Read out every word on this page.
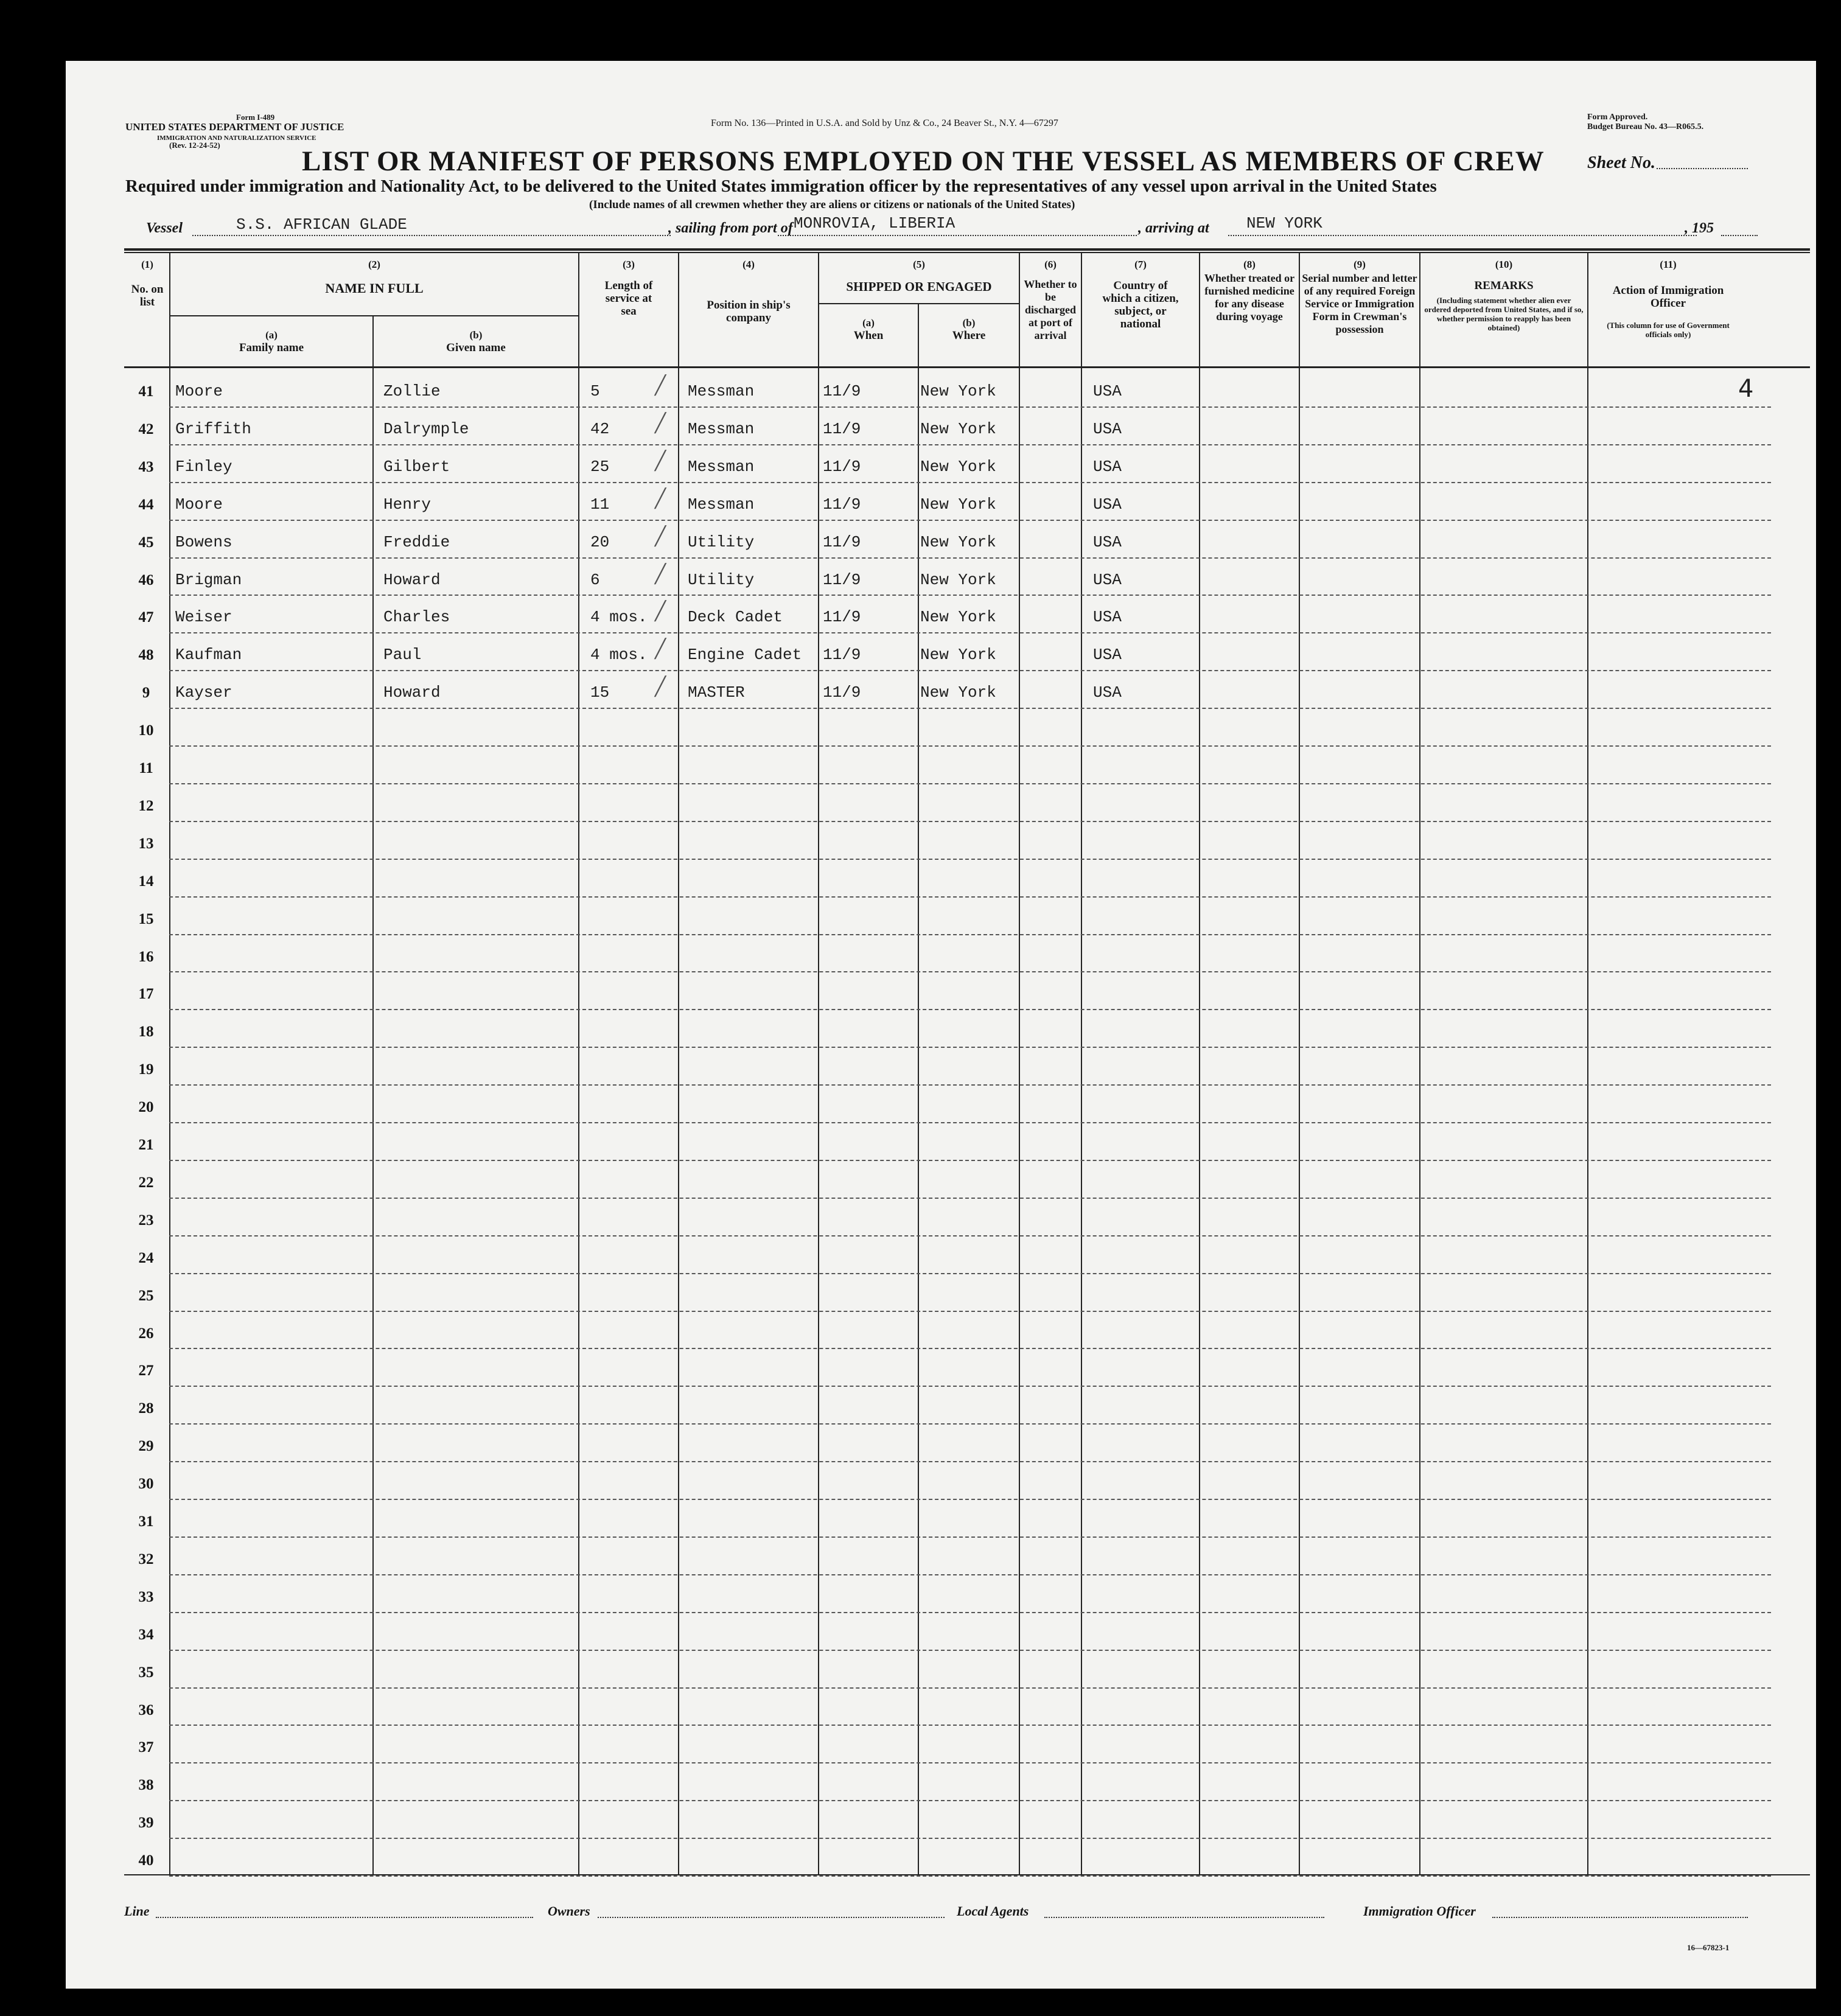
Form I-489
UNITED STATES DEPARTMENT OF JUSTICE
IMMIGRATION AND NATURALIZATION SERVICE
(Rev. 12-24-52)
Form No. 136—Printed in U.S.A. and Sold by Unz & Co., 24 Beaver St., N.Y. 4—67297
Form Approved.
Budget Bureau No. 43—R065.5.
LIST OR MANIFEST OF PERSONS EMPLOYED ON THE VESSEL AS MEMBERS OF CREW	Sheet No.
Required under immigration and Nationality Act, to be delivered to the United States immigration officer by the representatives of any vessel upon arrival in the United States
(Include names of all crewmen whether they are aliens or citizens or nationals of the United States)
Vessel	S.S. AFRICAN GLADE	, sailing from port of MONROVIA, LIBERIA	, arriving at NEW YORK	, 195
(1)
No. on list
(2)
NAME IN FULL
(a)
Family name
(b)
Given name
(3)
Length of service at sea
(4)
Position in ship's company
(5)
SHIPPED OR ENGAGED
(a)
When
(b)
Where
(6)
Whether to be discharged at port of arrival
(7)
Country of which a citizen, subject, or national
(8)
Whether treated or furnished medicine for any disease during voyage
(9)
Serial number and letter of any required Foreign Service or Immigration Form in Crewman's possession
(10)
REMARKS
(Including statement whether alien ever ordered deported from United States, and if so, whether permission to reapply has been obtained)
(11)
Action of Immigration Officer
(This column for use of Government officials only)
4
41	Moore	Zollie	5	Messman	11/9	New York	USA
╱
42	Griffith	Dalrymple	42	Messman	11/9	New York	USA
╱
43	Finley	Gilbert	25	Messman	11/9	New York	USA
╱
44	Moore	Henry	11	Messman	11/9	New York	USA
╱
45	Bowens	Freddie	20	Utility	11/9	New York	USA
╱
46	Brigman	Howard	6	Utility	11/9	New York	USA
╱
47	Weiser	Charles	4 mos.	Deck Cadet	11/9	New York	USA
╱
48	Kaufman	Paul	4 mos.	Engine Cadet 11/9	New York	USA
╱
9	Kayser	Howard	15	MASTER	11/9	New York	USA
╱
10
11
12
13
14
15
16
17
18
19
20
21
22
23
24
25
26
27
28
29
30
31
32
33
34
35
36
37
38
39
40
Line	Owners	Local Agents	Immigration Officer
16—67823-1
